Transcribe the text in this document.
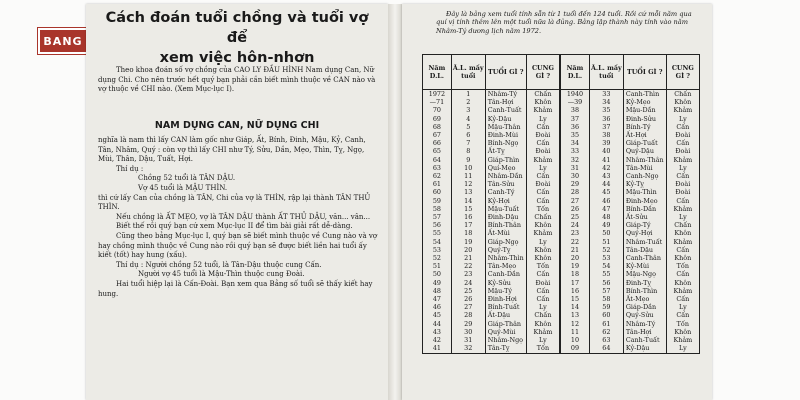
BANG
Cách đoán tuổi chồng và tuổi vợ để
xem việc hôn-nhơn

Theo khoa đoán số vợ chồng của CAO LY ĐẦU HÌNH Nam dụng Can, Nữ dụng Chi. Cho nên trước hết quý bạn phải cần biết mình thuộc về CAN nào và vợ thuộc về CHI nào. (Xem Mục-lục I).

NAM DỤNG CAN, NỮ DỤNG CHI

nghĩa là nam thì lấy CAN làm gốc như Giáp, Ất, Bính, Đinh, Mậu, Kỷ, Canh, Tân, Nhâm, Quý : còn vợ thì lấy CHI như Tý, Sửu, Dần, Mẹo, Thìn, Tỵ, Ngọ, Mùi, Thân, Dậu, Tuất, Hợi.

Thí dụ :

Chồng 52 tuổi là TÂN DẬU.

Vợ 45 tuổi là MẬU THÌN.

thì cứ lấy Can của chồng là TÂN, Chi của vợ là THÌN, rập lại thành TÂN THỦ THÌN.

Nếu chồng là ẤT MẸO, vợ là TÂN DẬU thành ẤT THỦ DẬU, văn... vân...

Biết thế rồi quý bạn cứ xem Mục-lục II để tìm bài giải rất dễ-dàng.

Cũng theo bảng Mục-lục I, quý bạn sẽ biết mình thuộc về Cung nào và vợ hay chồng mình thuộc về Cung nào rồi quý bạn sẽ được biết liền hai tuổi ấy kiết (tốt) hay hung (xấu).

Thí dụ : Người chồng 52 tuổi, là Tân-Dậu thuộc cung Cấn.

Người vợ 45 tuổi là Mậu-Thìn thuộc cung Đoài.

Hai tuổi hiệp lại là Cấn-Đoài. Bạn xem qua Bảng số tuổi sẽ thấy kiết hay hung.

Đây là bảng xem tuổi tính sẵn từ 1 tuổi đến 124 tuổi. Rồi cứ mỗi năm qua quí vị tính thêm lên một tuổi nữa là đủng. Bảng lập thành này tính vào năm Nhâm-Tý dương lịch năm 1972.

Năm D.L.	Â.L. mấy tuổi	TUỔI GÌ ?	CUNG GÌ ?	Năm D.L.	Â.L. mấy tuổi	TUỔI GÌ ?	CUNG GÌ ?
1972	1	Nhâm-Tý	Chấn	1940	33	Canh-Thìn	Chấn
—71	2	Tân-Hợi	Khôn	—39	34	Kỷ-Mẹo	Khôn
70	3	Canh-Tuất	Khảm	38	35	Mậu-Dần	Khảm
69	4	Kỷ-Dậu	Ly	37	36	Đinh-Sửu	Ly
68	5	Mậu-Thân	Cấn	36	37	Bính-Tý	Cấn
67	6	Đinh-Mùi	Đoài	35	38	Ất-Hợi	Đoài
66	7	Bính-Ngọ	Cấn	34	39	Giáp-Tuất	Cấn
65	8	Ất-Tỵ	Đoài	33	40	Quý-Dậu	Đoài
64	9	Giáp-Thìn	Khảm	32	41	Nhâm-Thân	Khảm
63	10	Quí-Mẹo	Ly	31	42	Tân-Mùi	Ly
62	11	Nhâm-Dần	Cấn	30	43	Canh-Ngọ	Cấn
61	12	Tân-Sửu	Đoài	29	44	Kỷ-Tỵ	Đoài
60	13	Canh-Tý	Cấn	28	45	Mậu-Thìn	Đoài
59	14	Kỷ-Hợi	Cấn	27	46	Đinh-Mẹo	Cấn
58	15	Mậu-Tuất	Tốn	26	47	Bính-Dần	Khảm
57	16	Đinh-Dậu	Chấn	25	48	Ất-Sửu	Ly
56	17	Bính-Thân	Khôn	24	49	Giáp-Tý	Chấn
55	18	Ất-Mùi	Khảm	23	50	Quý-Hợi	Khôn
54	19	Giáp-Ngọ	Ly	22	51	Nhâm-Tuất	Khảm
53	20	Quý-Tỵ	Khôn	21	52	Tân-Dậu	Cấn
52	21	Nhâm-Thìn	Khôn	20	53	Canh-Thân	Khôn
51	22	Tân-Mẹo	Tốn	19	54	Kỷ-Mùi	Tốn
50	23	Canh-Dần	Cấn	18	55	Mậu-Ngọ	Cấn
49	24	Kỷ-Sửu	Đoài	17	56	Đinh-Tỵ	Khôn
48	25	Mậu-Tý	Cấn	16	57	Bính-Thìn	Khảm
47	26	Đinh-Hợi	Cấn	15	58	Ất-Mẹo	Cấn
46	27	Bính-Tuất	Ly	14	59	Giáp-Dần	Ly
45	28	Ất-Dậu	Chấn	13	60	Quý-Sửu	Cấn
44	29	Giáp-Thân	Khôn	12	61	Nhâm-Tý	Tốn
43	30	Quý-Mùi	Khảm	11	62	Tân-Hợi	Khôn
42	31	Nhâm-Ngọ	Ly	10	63	Canh-Tuất	Khảm
41	32	Tân-Tỵ	Tốn	09	64	Kỷ-Dậu	Ly
